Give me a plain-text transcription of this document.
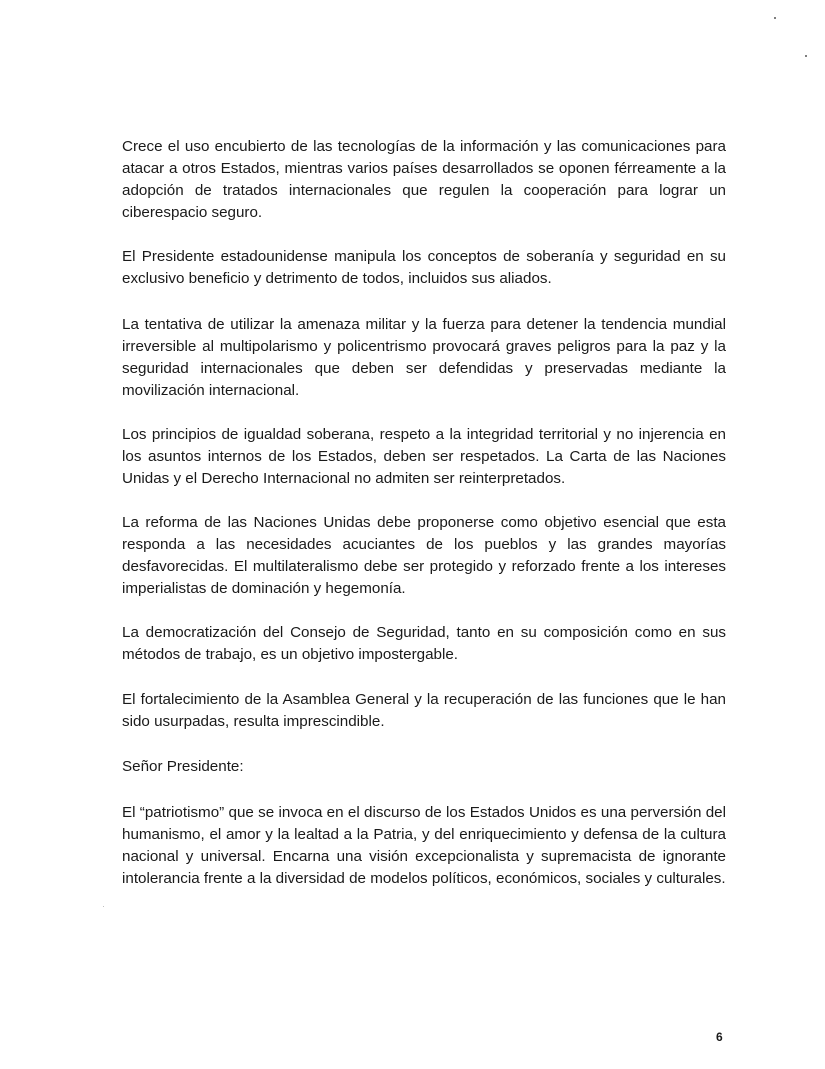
Crece el uso encubierto de las tecnologías de la información y las comunicaciones para atacar a otros Estados, mientras varios países desarrollados se oponen férreamente a la adopción de tratados internacionales que regulen la cooperación para lograr un ciberespacio seguro.

El Presidente estadounidense manipula los conceptos de soberanía y seguridad en su exclusivo beneficio y detrimento de todos, incluidos sus aliados.

La tentativa de utilizar la amenaza militar y la fuerza para detener la tendencia mundial irreversible al multipolarismo y policentrismo provocará graves peligros para la paz y la seguridad internacionales que deben ser defendidas y preservadas mediante la movilización internacional.

Los principios de igualdad soberana, respeto a la integridad territorial y no injerencia en los asuntos internos de los Estados, deben ser respetados. La Carta de las Naciones Unidas y el Derecho Internacional no admiten ser reinterpretados.

La reforma de las Naciones Unidas debe proponerse como objetivo esencial que esta responda a las necesidades acuciantes de los pueblos y las grandes mayorías desfavorecidas. El multilateralismo debe ser protegido y reforzado frente a los intereses imperialistas de dominación y hegemonía.

La democratización del Consejo de Seguridad, tanto en su composición como en sus métodos de trabajo, es un objetivo impostergable.

El fortalecimiento de la Asamblea General y la recuperación de las funciones que le han sido usurpadas, resulta imprescindible.

Señor Presidente:

El “patriotismo” que se invoca en el discurso de los Estados Unidos es una perversión del humanismo, el amor y la lealtad a la Patria, y del enriquecimiento y defensa de la cultura nacional y universal. Encarna una visión excepcionalista y supremacista de ignorante intolerancia frente a la diversidad de modelos políticos, económicos, sociales y culturales.

6
